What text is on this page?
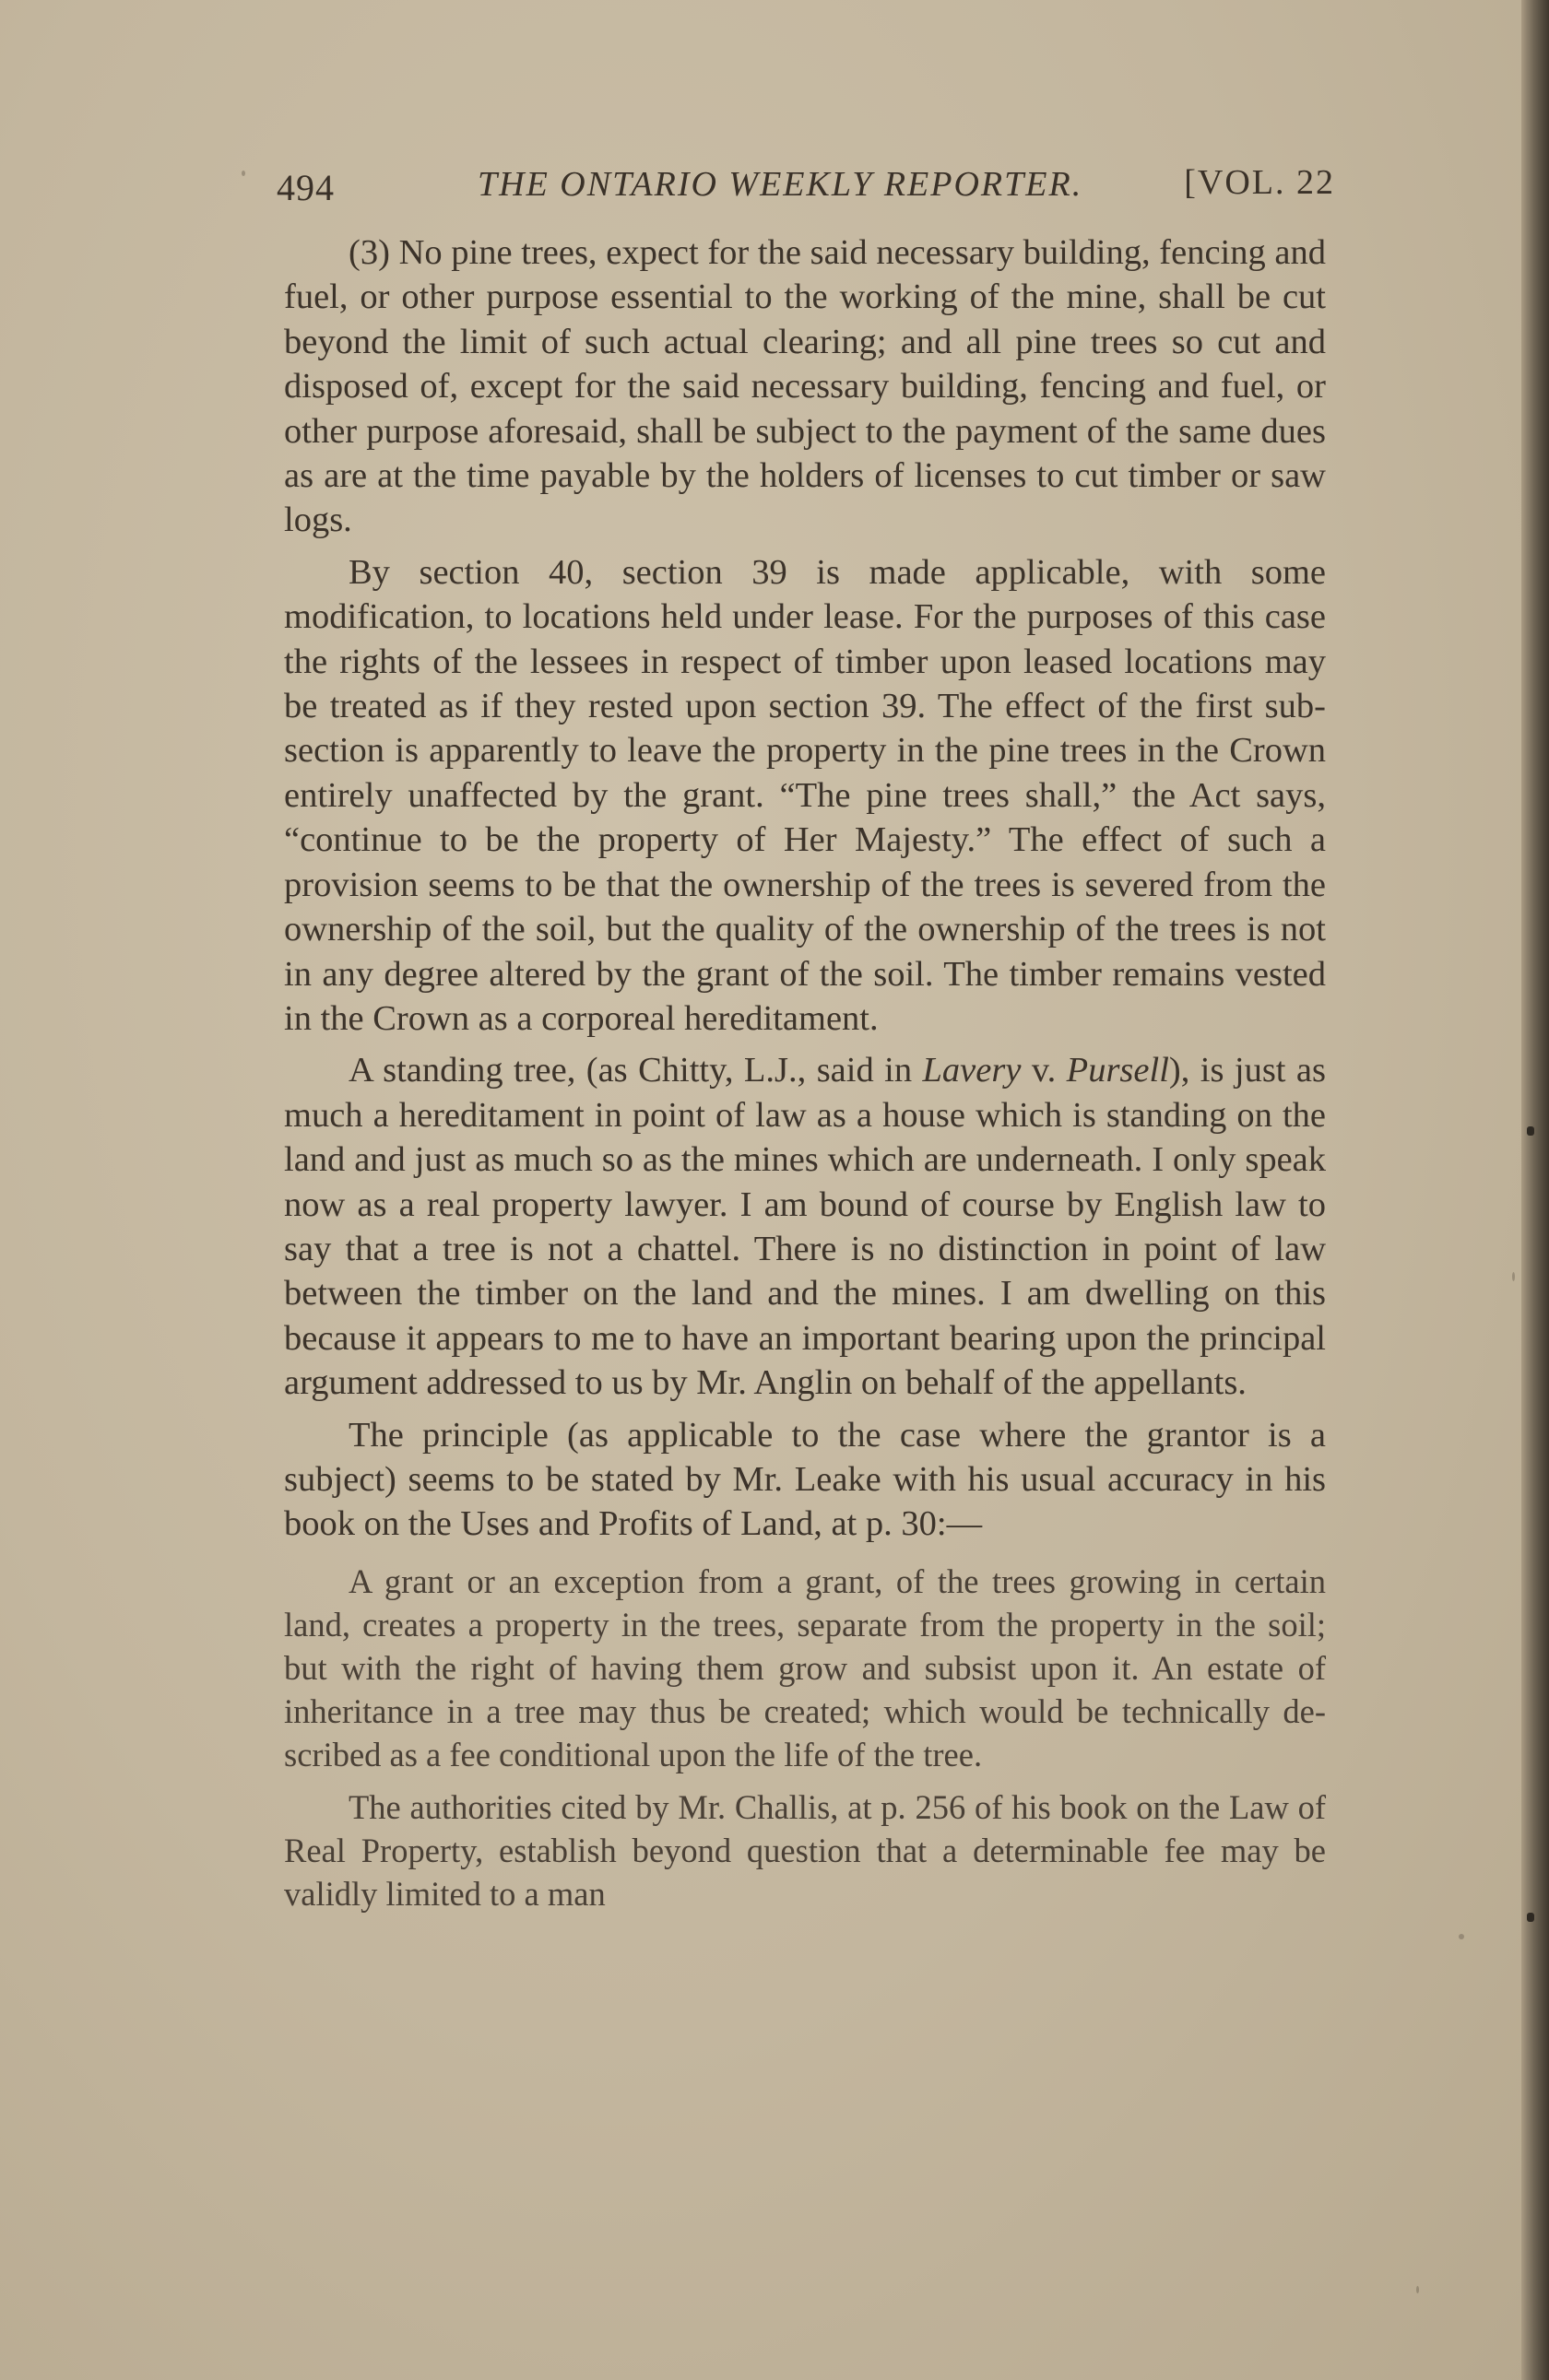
494	THE ONTARIO WEEKLY REPORTER.	[VOL. 22

(3) No pine trees, expect for the said necessary building, fencing and fuel, or other purpose essential to the working of the mine, shall be cut beyond the limit of such actual clearing; and all pine trees so cut and disposed of, except for the said necessary building, fencing and fuel, or other purpose aforesaid, shall be subject to the payment of the same dues as are at the time payable by the holders of licenses to cut timber or saw logs.

By section 40, section 39 is made applicable, with some modification, to locations held under lease. For the purposes of this case the rights of the lessees in respect of timber upon leased locations may be treated as if they rested upon section 39. The effect of the first sub-section is apparently to leave the property in the pine trees in the Crown entirely unaffected by the grant. “The pine trees shall,” the Act says, “continue to be the property of Her Majesty.” The effect of such a provision seems to be that the ownership of the trees is severed from the ownership of the soil, but the quality of the ownership of the trees is not in any degree altered by the grant of the soil. The timber remains vested in the Crown as a corporeal hereditament.

A standing tree, (as Chitty, L.J., said in Lavery v. Pursell), is just as much a hereditament in point of law as a house which is standing on the land and just as much so as the mines which are underneath. I only speak now as a real property lawyer. I am bound of course by English law to say that a tree is not a chattel. There is no distinction in point of law between the timber on the land and the mines. I am dwelling on this because it appears to me to have an important bearing upon the principal argument addressed to us by Mr. Anglin on behalf of the appellants.

The principle (as applicable to the case where the grantor is a subject) seems to be stated by Mr. Leake with his usual accuracy in his book on the Uses and Profits of Land, at p. 30:—

A grant or an exception from a grant, of the trees growing in certain land, creates a property in the trees, separate from the property in the soil; but with the right of having them grow and subsist upon it. An estate of inheritance in a tree may thus be created; which would be technically described as a fee conditional upon the life of the tree.

The authorities cited by Mr. Challis, at p. 256 of his book on the Law of Real Property, establish beyond question that a determinable fee may be validly limited to a man
